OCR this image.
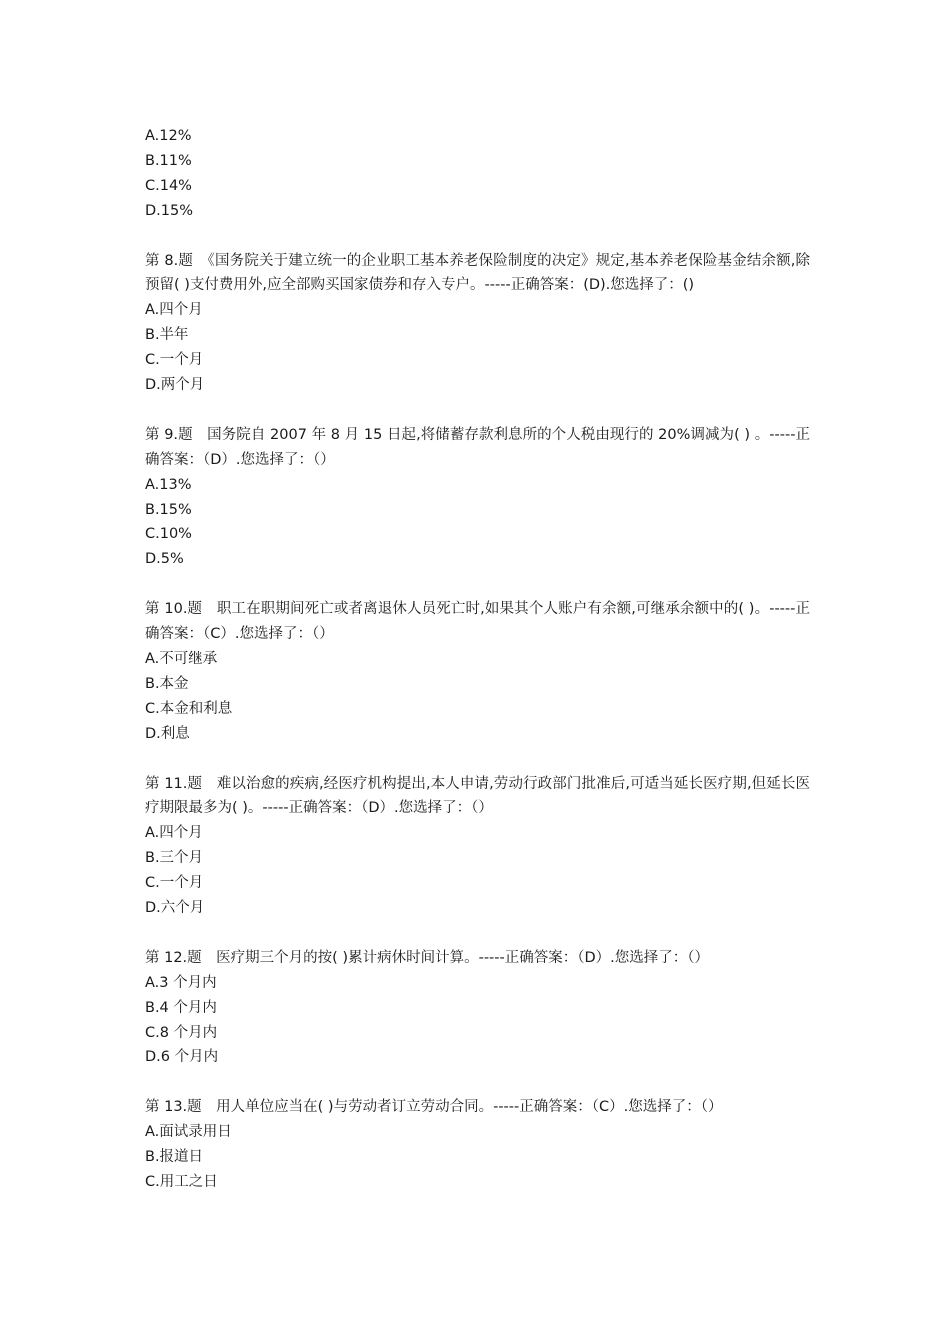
A.12%
B.11%
C.14%
D.15%
第 8.题　《国务院关于建立统一的企业职工基本养老保险制度的决定》规定,基本养老保险基金结余额,除预留( )支付费用外,应全部购买国家债券和存入专户。-----正确答案：(D).您选择了：()
A.四个月
B.半年
C.一个月
D.两个月
第 9.题　国务院自 2007 年 8 月 15 日起,将储蓄存款利息所的个人税由现行的 20%调减为( ) 。-----正确答案：（D）.您选择了：（）
A.13%
B.15%
C.10%
D.5%
第 10.题　职工在职期间死亡或者离退休人员死亡时,如果其个人账户有余额,可继承余额中的( )。-----正确答案：（C）.您选择了：（）
A.不可继承
B.本金
C.本金和利息
D.利息
第 11.题　难以治愈的疾病,经医疗机构提出,本人申请,劳动行政部门批准后,可适当延长医疗期,但延长医疗期限最多为( )。-----正确答案：（D）.您选择了：（）
A.四个月
B.三个月
C.一个月
D.六个月
第 12.题　医疗期三个月的按( )累计病休时间计算。-----正确答案：（D）.您选择了：（）
A.3 个月内
B.4 个月内
C.8 个月内
D.6 个月内
第 13.题　用人单位应当在( )与劳动者订立劳动合同。-----正确答案：（C）.您选择了：（）
A.面试录用日
B.报道日
C.用工之日
